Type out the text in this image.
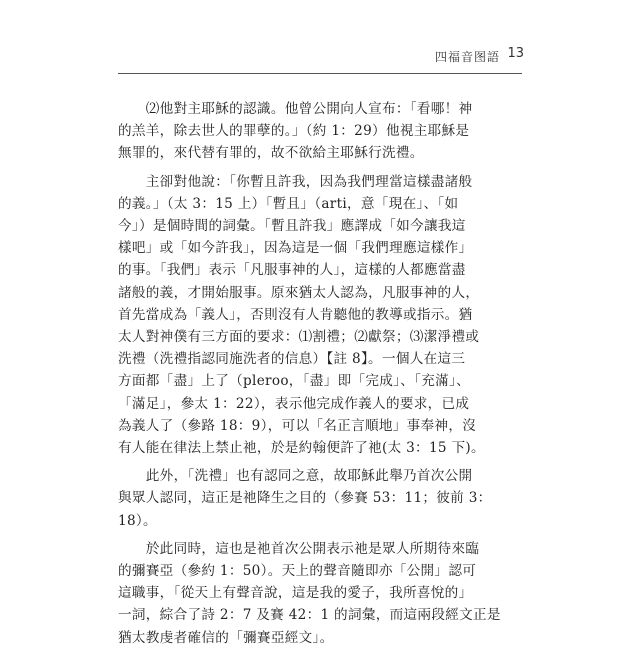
四福音图語 13
　　⑵他對主耶穌的認識。他曾公開向人宣布：「看哪！神
的羔羊，除去世人的罪孽的。」（約 1：29）他視主耶穌是
無罪的，來代替有罪的，故不欲給主耶穌行洗禮。
　　主卻對他說：「你暫且許我，因為我們理當這樣盡諸般
的義。」（太 3：15 上）「暫且」（arti，意「現在」、「如
今」）是個時間的詞彙。「暫且許我」應譯成「如今讓我這
樣吧」或「如今許我」，因為這是一個「我們理應這樣作」
的事。「我們」表示「凡服事神的人」，這樣的人都應當盡
諸般的義，才開始服事。原來猶太人認為，凡服事神的人，
首先當成為「義人」，否則沒有人肯聽他的教導或指示。猶
太人對神僕有三方面的要求：⑴割禮；⑵獻祭；⑶潔淨禮或
洗禮（洗禮指認同施洗者的信息）【註 8】。一個人在這三
方面都「盡」上了（pleroo，「盡」即「完成」、「充滿」、
「滿足」，參太 1：22），表示他完成作義人的要求，已成
為義人了（參路 18：9），可以「名正言順地」事奉神，沒
有人能在律法上禁止祂，於是約翰便許了祂(太 3：15 下)。
　　此外，「洗禮」也有認同之意，故耶穌此舉乃首次公開
與眾人認同，這正是祂降生之目的（參賽 53：11；彼前 3：
18）。
　　於此同時，這也是祂首次公開表示祂是眾人所期待來臨
的彌賽亞（參約 1：50）。天上的聲音隨即亦「公開」認可
這職事，「從天上有聲音說，這是我的愛子，我所喜悅的」
一詞，綜合了詩 2：7 及賽 42：1 的詞彙，而這兩段經文正是
猶太教虔者確信的「彌賽亞經文」。
